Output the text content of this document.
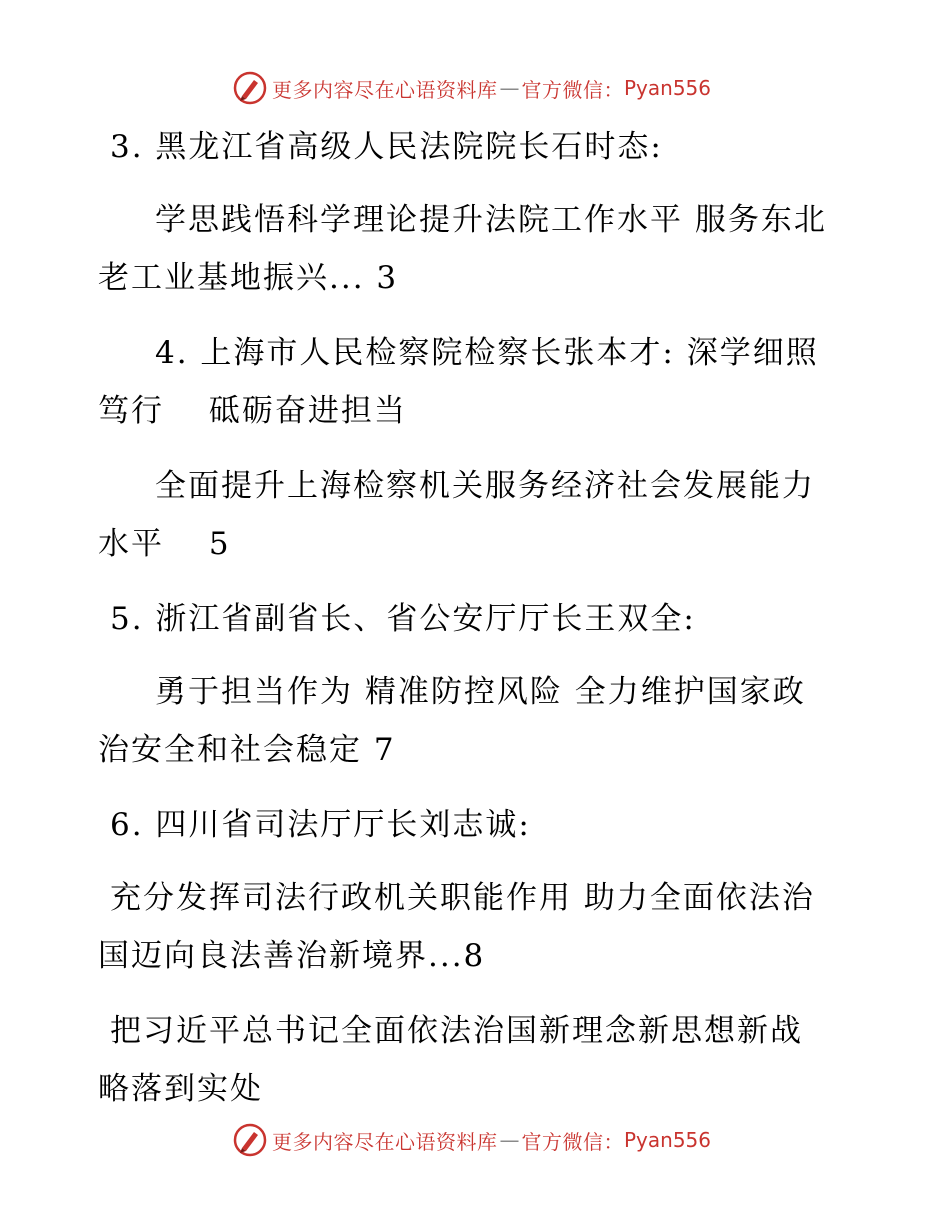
更多内容尽在心语资料库 — 官方微信： Pyan556
3. 黑龙江省高级人民法院院长石时态:
学思践悟科学理论提升法院工作水平 服务东北
老工业基地振兴... 3
4. 上海市人民检察院检察长张本才: 深学细照
笃行 　砥砺奋进担当
全面提升上海检察机关服务经济社会发展能力
水平 　5
5. 浙江省副省长、省公安厅厅长王双全:
勇于担当作为 精准防控风险 全力维护国家政
治安全和社会稳定 7
6. 四川省司法厅厅长刘志诚:
充分发挥司法行政机关职能作用 助力全面依法治
国迈向良法善治新境界...8
把习近平总书记全面依法治国新理念新思想新战
略落到实处
更多内容尽在心语资料库 — 官方微信： Pyan556
